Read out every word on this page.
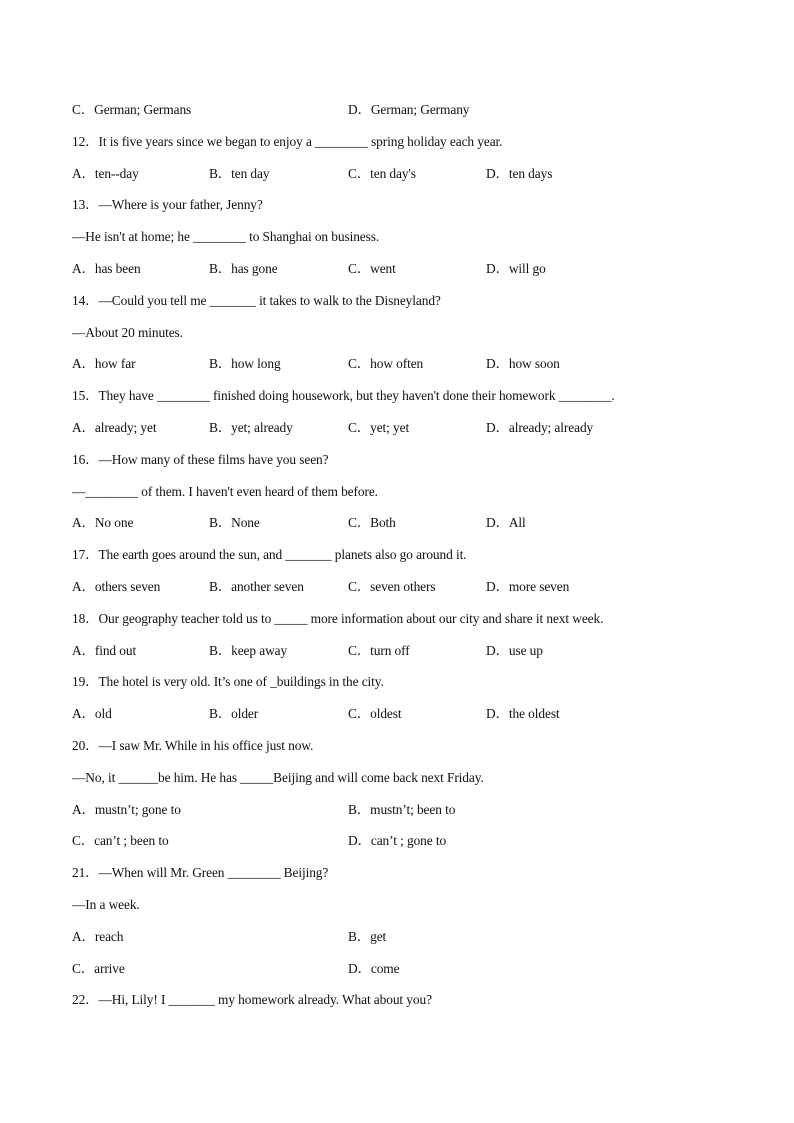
C．German; Germans	D．German; Germany
12．It is five years since we began to enjoy a ________ spring holiday each year.
A．ten--day	B．ten day	C．ten day's	D．ten days
13．—Where is your father, Jenny?
—He isn't at home; he ________ to Shanghai on business.
A．has been	B．has gone	C．went	D．will go
14．—Could you tell me _______ it takes to walk to the Disneyland?
—About 20 minutes.
A．how far	B．how long	C．how often	D．how soon
15．They have ________ finished doing housework, but they haven't done their homework ________.
A．already; yet	B．yet; already	C．yet; yet	D．already; already
16．—How many of these films have you seen?
—________ of them. I haven't even heard of them before.
A．No one	B．None	C．Both	D．All
17．The earth goes around the sun, and _______ planets also go around it.
A．others seven	B．another seven	C．seven others	D．more seven
18．Our geography teacher told us to _____ more information about our city and share it next week.
A．find out	B．keep away	C．turn off	D．use up
19．The hotel is very old. It’s one of _buildings in the city.
A．old	B．older	C．oldest	D．the oldest
20．—I saw Mr. While in his office just now.
—No, it ______be him. He has _____Beijing and will come back next Friday.
A．mustn’t; gone to	B．mustn’t; been to
C．can’t ; been to	D．can’t ; gone to
21．—When will Mr. Green ________ Beijing?
—In a week.
A．reach	B．get
C．arrive	D．come
22．—Hi, Lily! I _______ my homework already. What about you?
